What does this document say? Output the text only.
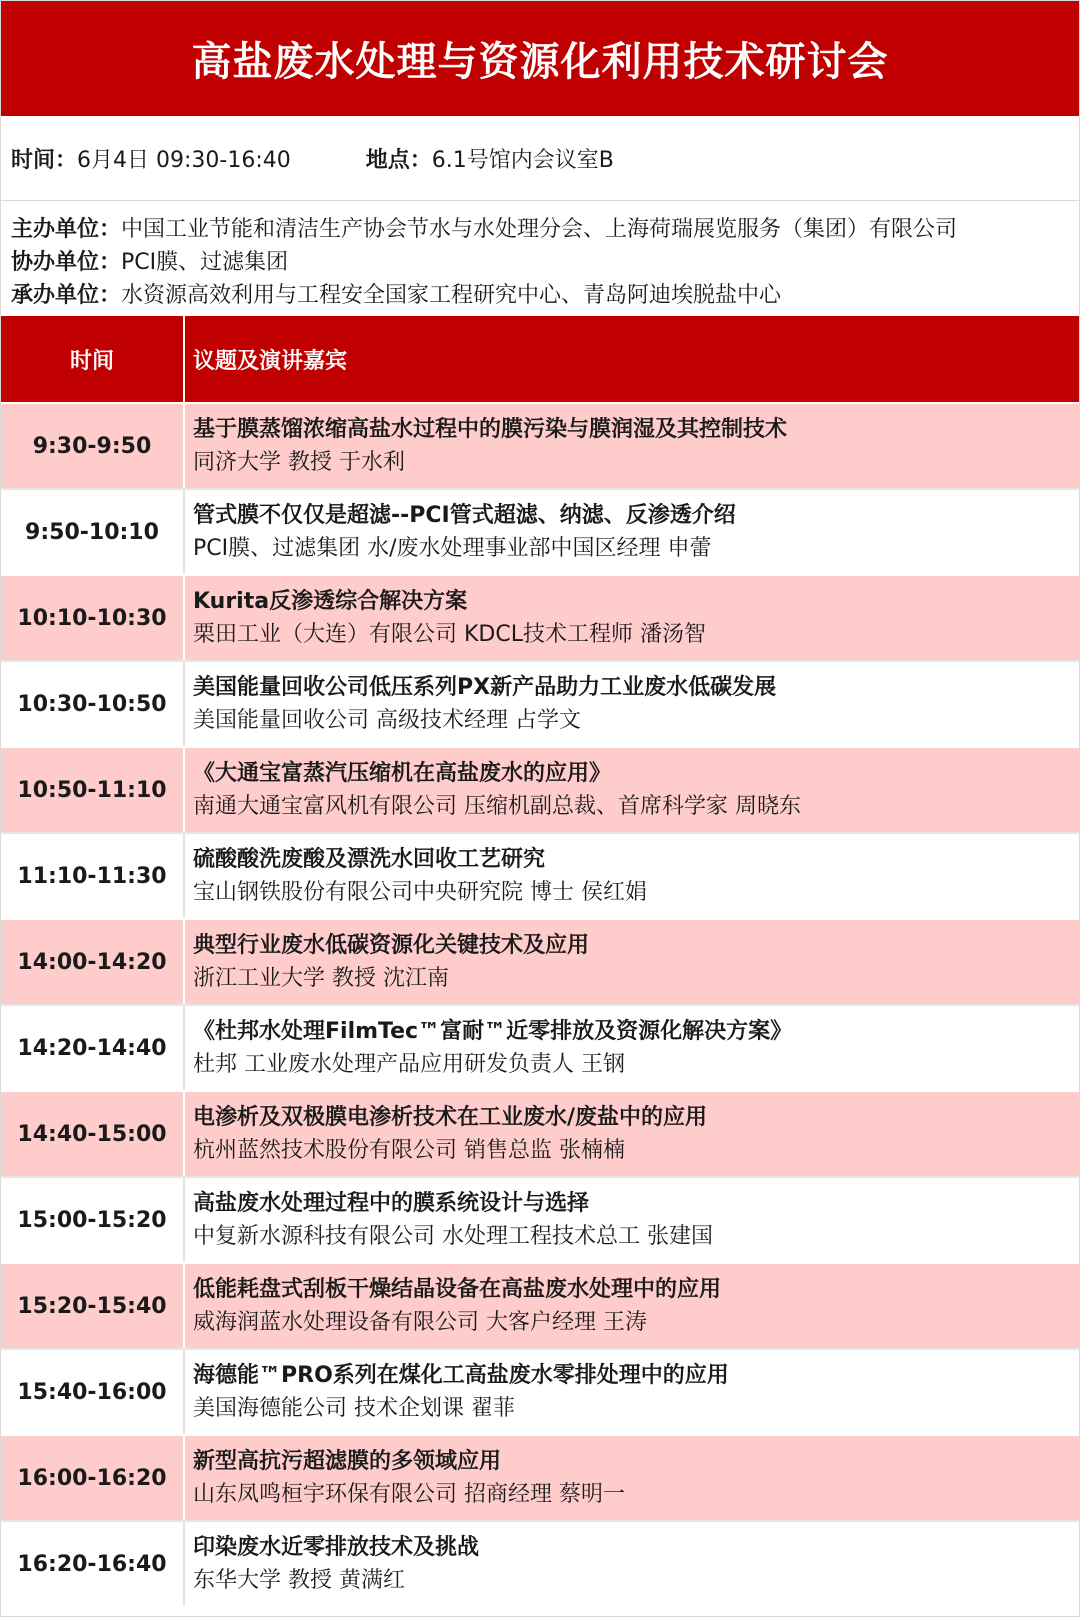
高盐废水处理与资源化利用技术研讨会
时间： 6月4日 09:30-16:40	地点： 6.1号馆内会议室B
主办单位：中国工业节能和清洁生产协会节水与水处理分会、上海荷瑞展览服务（集团）有限公司
协办单位：PCI膜、过滤集团
承办单位：水资源高效利用与工程安全国家工程研究中心、青岛阿迪埃脱盐中心
时间	议题及演讲嘉宾
9:30-9:50
基于膜蒸馏浓缩高盐水过程中的膜污染与膜润湿及其控制技术
同济大学 教授 于水利
9:50-10:10
管式膜不仅仅是超滤--PCI管式超滤、纳滤、反渗透介绍
PCI膜、过滤集团 水/废水处理事业部中国区经理 申蕾
10:10-10:30
Kurita反渗透综合解决方案
栗田工业（大连）有限公司 KDCL技术工程师 潘汤智
10:30-10:50
美国能量回收公司低压系列PX新产品助力工业废水低碳发展
美国能量回收公司 高级技术经理 占学文
10:50-11:10
《大通宝富蒸汽压缩机在高盐废水的应用》
南通大通宝富风机有限公司 压缩机副总裁、首席科学家 周晓东
11:10-11:30
硫酸酸洗废酸及漂洗水回收工艺研究
宝山钢铁股份有限公司中央研究院 博士 侯红娟
14:00-14:20
典型行业废水低碳资源化关键技术及应用
浙江工业大学 教授 沈江南
14:20-14:40
《杜邦水处理FilmTec™富耐™近零排放及资源化解决方案》
杜邦 工业废水处理产品应用研发负责人 王钢
14:40-15:00
电渗析及双极膜电渗析技术在工业废水/废盐中的应用
杭州蓝然技术股份有限公司 销售总监 张楠楠
15:00-15:20
高盐废水处理过程中的膜系统设计与选择
中复新水源科技有限公司 水处理工程技术总工 张建国
15:20-15:40
低能耗盘式刮板干燥结晶设备在高盐废水处理中的应用
威海润蓝水处理设备有限公司 大客户经理 王涛
15:40-16:00
海德能™PRO系列在煤化工高盐废水零排处理中的应用
美国海德能公司 技术企划课 翟菲
16:00-16:20
新型高抗污超滤膜的多领域应用
山东凤鸣桓宇环保有限公司 招商经理 蔡明一
16:20-16:40
印染废水近零排放技术及挑战
东华大学 教授 黄满红
